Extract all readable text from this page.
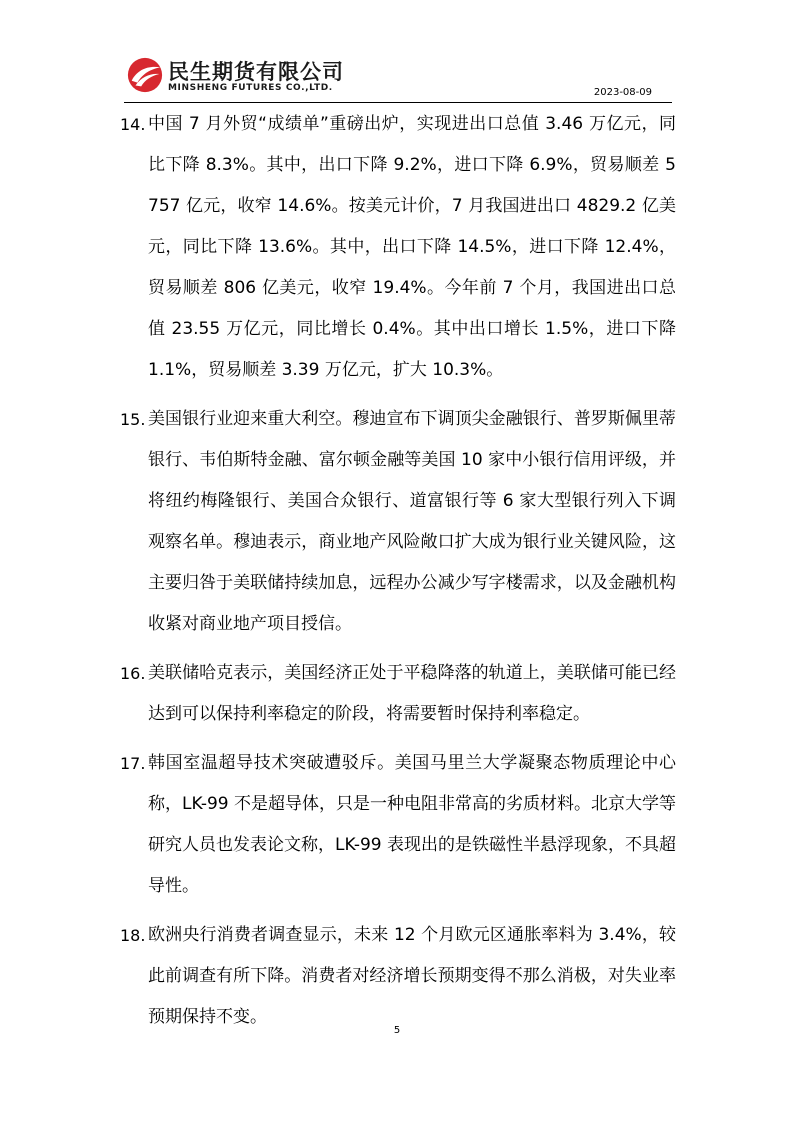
民生期货有限公司
MINSHENG FUTURES CO.,LTD.	2023-08-09
14. 中国 7 月外贸“成绩单”重磅出炉，实现进出口总值 3.46 万亿元，同比下降 8.3%。其中，出口下降 9.2%，进口下降 6.9%，贸易顺差 5757 亿元，收窄 14.6%。按美元计价，7 月我国进出口 4829.2 亿美元，同比下降 13.6%。其中，出口下降 14.5%，进口下降 12.4%，贸易顺差 806 亿美元，收窄 19.4%。今年前 7 个月，我国进出口总值 23.55 万亿元，同比增长 0.4%。其中出口增长 1.5%，进口下降 1.1%，贸易顺差 3.39 万亿元，扩大 10.3%。
15. 美国银行业迎来重大利空。穆迪宣布下调顶尖金融银行、普罗斯佩里蒂银行、韦伯斯特金融、富尔顿金融等美国 10 家中小银行信用评级，并将纽约梅隆银行、美国合众银行、道富银行等 6 家大型银行列入下调观察名单。穆迪表示，商业地产风险敞口扩大成为银行业关键风险，这主要归咎于美联储持续加息，远程办公减少写字楼需求，以及金融机构收紧对商业地产项目授信。
16. 美联储哈克表示，美国经济正处于平稳降落的轨道上，美联储可能已经达到可以保持利率稳定的阶段，将需要暂时保持利率稳定。
17. 韩国室温超导技术突破遭驳斥。美国马里兰大学凝聚态物质理论中心称，LK-99 不是超导体，只是一种电阻非常高的劣质材料。北京大学等研究人员也发表论文称，LK-99 表现出的是铁磁性半悬浮现象，不具超导性。
18. 欧洲央行消费者调查显示，未来 12 个月欧元区通胀率料为 3.4%，较此前调查有所下降。消费者对经济增长预期变得不那么消极，对失业率预期保持不变。
5
